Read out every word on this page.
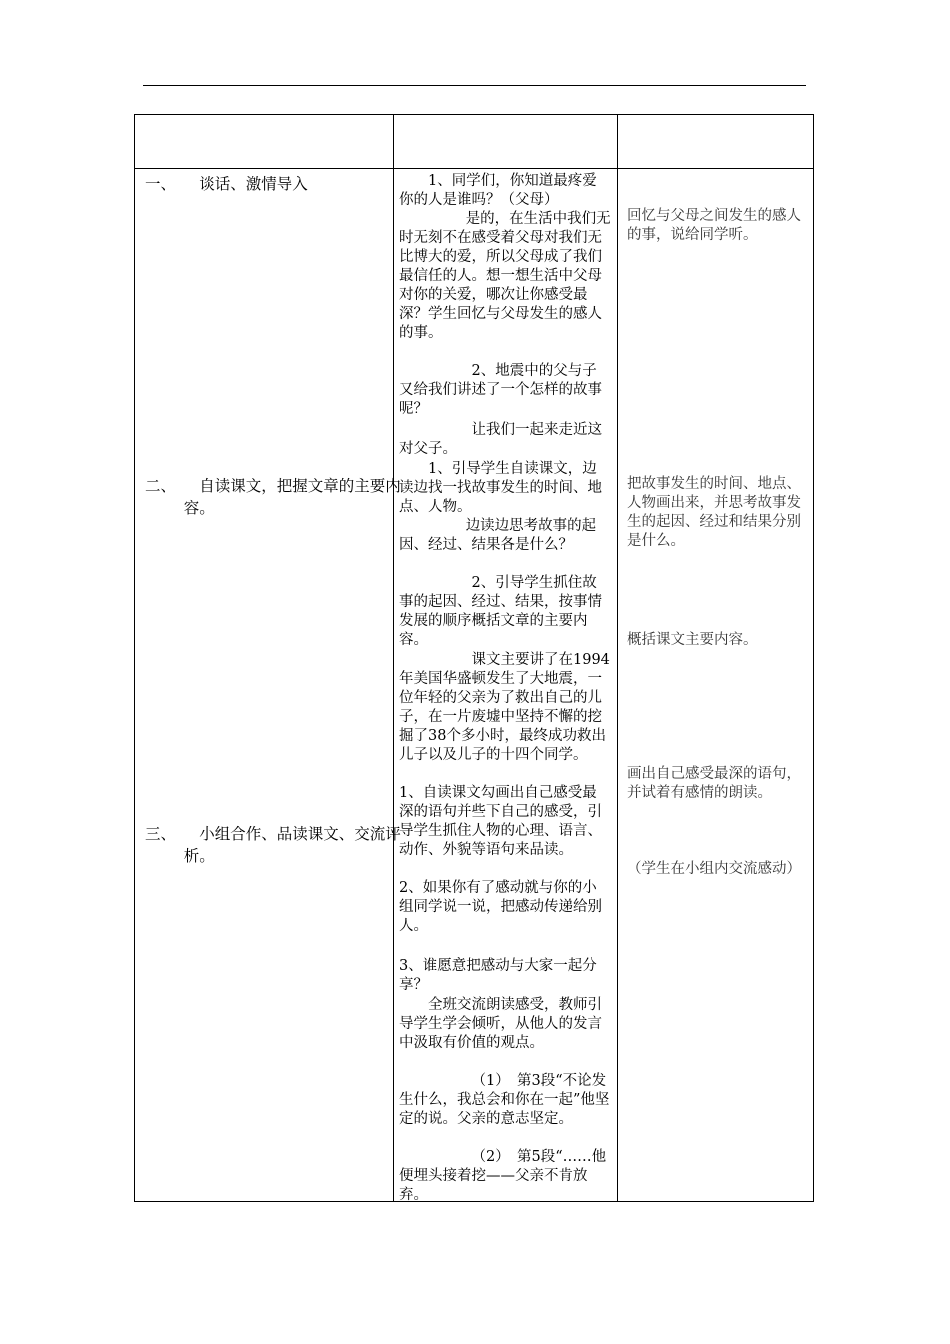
一、　　谈话、激情导入

二、　　自读课文，把握文章的主要内容。

三、　　小组合作、品读课文、交流评析。

1、同学们，你知道最疼爱你的人是谁吗？（父母）

是的，在生活中我们无时无刻不在感受着父母对我们无比博大的爱，所以父母成了我们最信任的人。想一想生活中父母对你的关爱，哪次让你感受最深？学生回忆与父母发生的感人的事。

2、地震中的父与子又给我们讲述了一个怎样的故事呢？

让我们一起来走近这对父子。

1、引导学生自读课文，边读边找一找故事发生的时间、地点、人物。

边读边思考故事的起因、经过、结果各是什么？

2、引导学生抓住故事的起因、经过、结果，按事情发展的顺序概括文章的主要内容。

课文主要讲了在1994年美国华盛顿发生了大地震，一位年轻的父亲为了救出自己的儿子，在一片废墟中坚持不懈的挖掘了38个多小时，最终成功救出儿子以及儿子的十四个同学。

1、自读课文勾画出自己感受最深的语句并些下自己的感受，引导学生抓住人物的心理、语言、动作、外貌等语句来品读。

2、如果你有了感动就与你的小组同学说一说，把感动传递给别人。

3、谁愿意把感动与大家一起分享？

全班交流朗读感受，教师引导学生学会倾听，从他人的发言中汲取有价值的观点。

（1）　第3段“不论发生什么，我总会和你在一起”他坚定的说。父亲的意志坚定。

（2）　第5段“……他便埋头接着挖——父亲不肯放弃。

回忆与父母之间发生的感人的事，说给同学听。

把故事发生的时间、地点、人物画出来，并思考故事发生的起因、经过和结果分别是什么。

概括课文主要内容。

画出自己感受最深的语句，并试着有感情的朗读。

（学生在小组内交流感动）
